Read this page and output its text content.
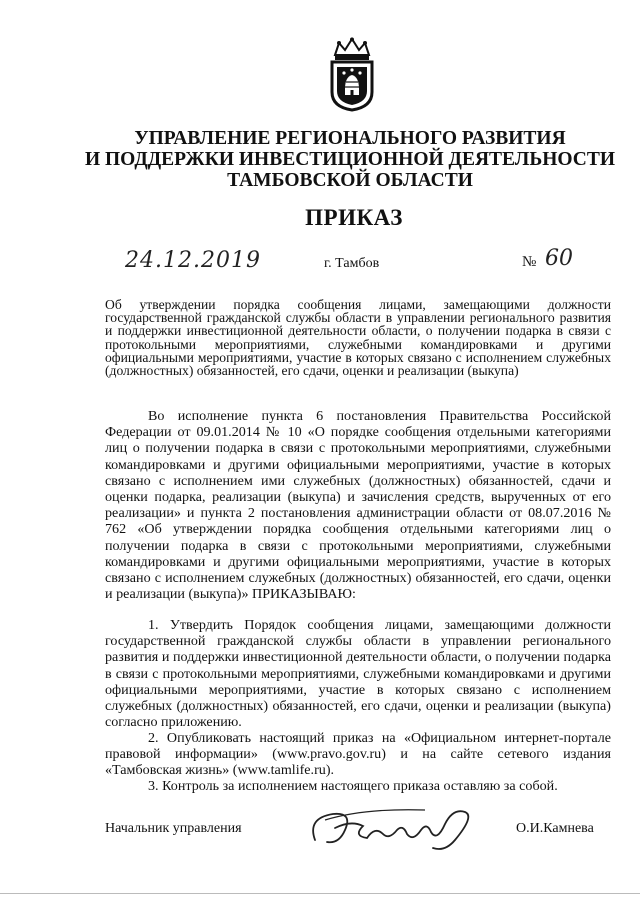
УПРАВЛЕНИЕ РЕГИОНАЛЬНОГО РАЗВИТИЯ
И ПОДДЕРЖКИ ИНВЕСТИЦИОННОЙ ДЕЯТЕЛЬНОСТИ
ТАМБОВСКОЙ ОБЛАСТИ
ПРИКАЗ
24.12.2019	г. Тамбов	№ 60
Об утверждении порядка сообщения лицами, замещающими должности государственной гражданской службы области в управлении регионального развития и поддержки инвестиционной деятельности области, о получении подарка в связи с протокольными мероприятиями, служебными командировками и другими официальными мероприятиями, участие в которых связано с исполнением служебных (должностных) обязанностей, его сдачи, оценки и реализации (выкупа)
Во исполнение пункта 6 постановления Правительства Российской Федерации от 09.01.2014 № 10 «О порядке сообщения отдельными категориями лиц о получении подарка в связи с протокольными мероприятиями, служебными командировками и другими официальными мероприятиями, участие в которых связано с исполнением ими служебных (должностных) обязанностей, сдачи и оценки подарка, реализации (выкупа) и зачисления средств, вырученных от его реализации» и пункта 2 постановления администрации области от 08.07.2016 № 762 «Об утверждении порядка сообщения отдельными категориями лиц о получении подарка в связи с протокольными мероприятиями, служебными командировками и другими официальными мероприятиями, участие в которых связано с исполнением служебных (должностных) обязанностей, его сдачи, оценки и реализации (выкупа)» ПРИКАЗЫВАЮ:
1. Утвердить Порядок сообщения лицами, замещающими должности государственной гражданской службы области в управлении регионального развития и поддержки инвестиционной деятельности области, о получении подарка в связи с протокольными мероприятиями, служебными командировками и другими официальными мероприятиями, участие в которых связано с исполнением служебных (должностных) обязанностей, его сдачи, оценки и реализации (выкупа) согласно приложению.
2. Опубликовать настоящий приказ на «Официальном интернет-портале правовой информации» (www.pravo.gov.ru) и на сайте сетевого издания «Тамбовская жизнь» (www.tamlife.ru).
3. Контроль за исполнением настоящего приказа оставляю за собой.
Начальник управления	О.И.Камнева
